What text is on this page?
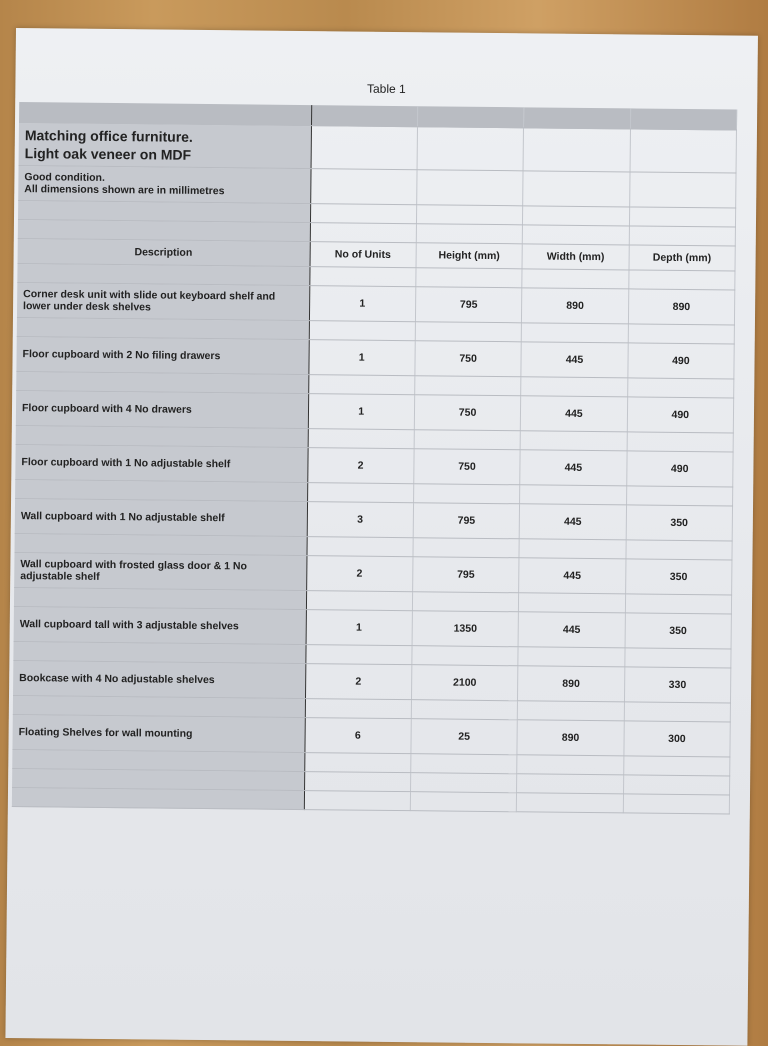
Table 1

Matching office furniture.
Light oak veneer on MDF				

Good condition.
All dimensions shown are in millimetres				

Description	No of Units	Height (mm)	Width (mm)	Depth (mm)

Corner desk unit with slide out keyboard shelf and lower under desk shelves	1	795	890	890

Floor cupboard with 2 No filing drawers	1	750	445	490

Floor cupboard with 4 No drawers	1	750	445	490

Floor cupboard with 1 No adjustable shelf	2	750	445	490

Wall cupboard with 1 No adjustable shelf	3	795	445	350

Wall cupboard with frosted glass door & 1 No adjustable shelf	2	795	445	350

Wall cupboard tall with 3 adjustable shelves	1	1350	445	350

Bookcase with 4 No adjustable shelves	2	2100	890	330

Floating Shelves for wall mounting	6	25	890	300
